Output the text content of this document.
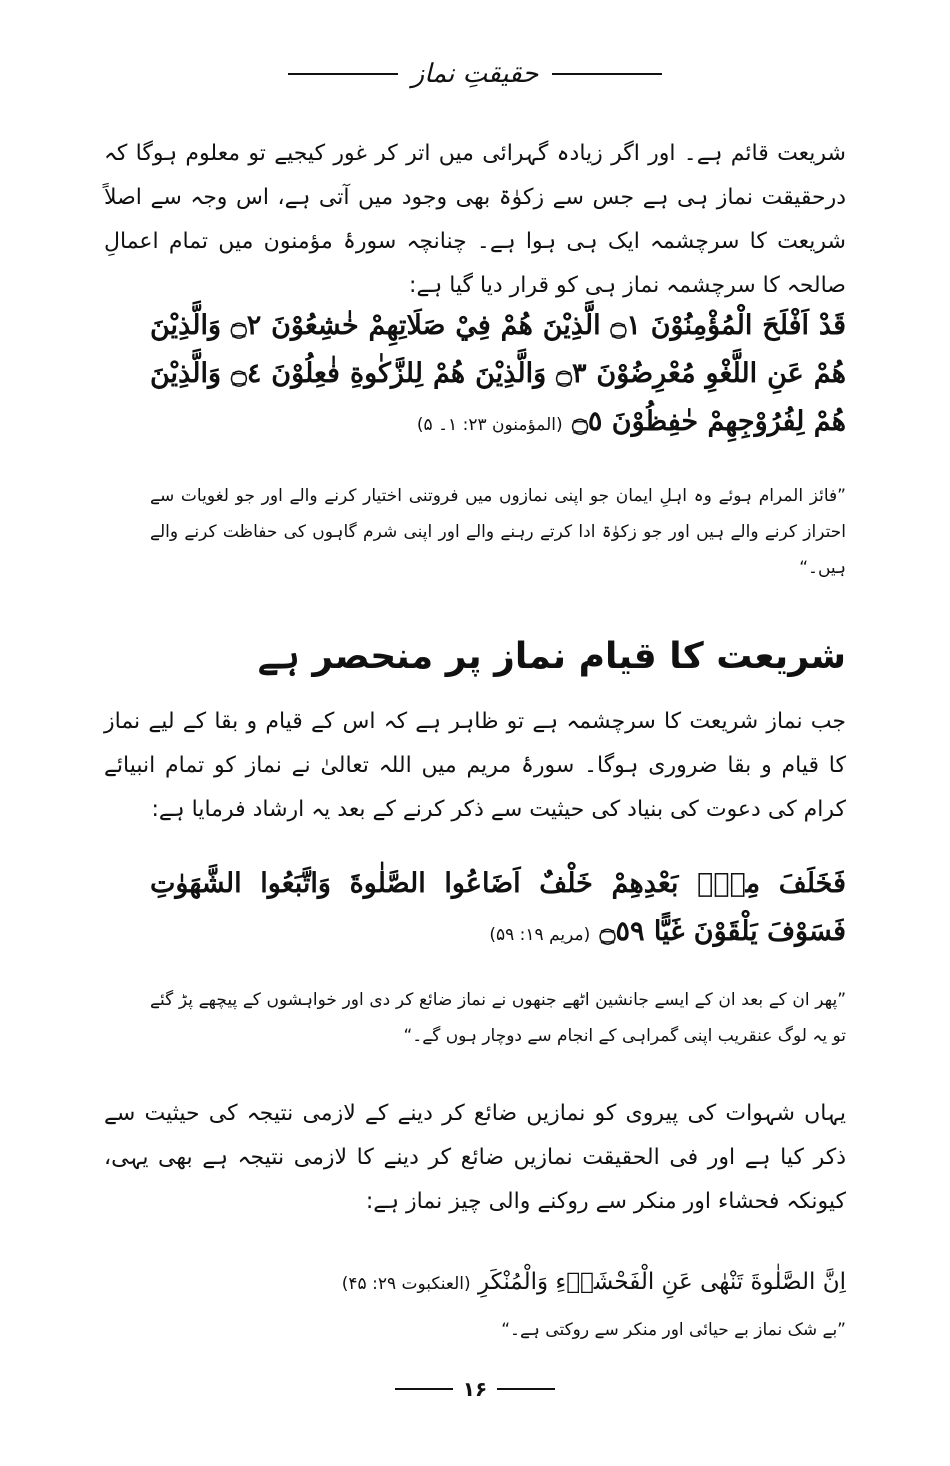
حقیقتِ نماز
شریعت قائم ہے۔ اور اگر زیادہ گہرائی میں اتر کر غور کیجیے تو معلوم ہوگا کہ درحقیقت نماز ہی ہے جس سے زکوٰۃ بھی وجود میں آتی ہے، اس وجہ سے اصلاً شریعت کا سرچشمہ ایک ہی ہوا ہے۔ چنانچہ سورۂ مؤمنون میں تمام اعمالِ صالحہ کا سرچشمہ نماز ہی کو قرار دیا گیا ہے:
قَدْ اَفْلَحَ الْمُؤْمِنُوْنَ ۝١ الَّذِيْنَ هُمْ فِيْ صَلَاتِهِمْ خٰشِعُوْنَ ۝٢ وَالَّذِيْنَ هُمْ عَنِ اللَّغْوِ مُعْرِضُوْنَ ۝٣ وَالَّذِيْنَ هُمْ لِلزَّكٰوةِ فٰعِلُوْنَ ۝٤ وَالَّذِيْنَ هُمْ لِفُرُوْجِهِمْ حٰفِظُوْنَ ۝٥ (المؤمنون ۲۳: ۱۔ ۵)
”فائز المرام ہوئے وہ اہلِ ایمان جو اپنی نمازوں میں فروتنی اختیار کرنے والے اور جو لغویات سے احتراز کرنے والے ہیں اور جو زکوٰۃ ادا کرتے رہنے والے اور اپنی شرم گاہوں کی حفاظت کرنے والے ہیں۔“
شریعت کا قیام نماز پر منحصر ہے
جب نماز شریعت کا سرچشمہ ہے تو ظاہر ہے کہ اس کے قیام و بقا کے لیے نماز کا قیام و بقا ضروری ہوگا۔ سورۂ مریم میں اللہ تعالیٰ نے نماز کو تمام انبیائے کرام کی دعوت کی بنیاد کی حیثیت سے ذکر کرنے کے بعد یہ ارشاد فرمایا ہے:
فَخَلَفَ مِنْۢ بَعْدِهِمْ خَلْفٌ اَضَاعُوا الصَّلٰوةَ وَاتَّبَعُوا الشَّهَوٰتِ فَسَوْفَ يَلْقَوْنَ غَيًّا ۝٥٩ (مریم ۱۹: ۵۹)
”پھر ان کے بعد ان کے ایسے جانشین اٹھے جنھوں نے نماز ضائع کر دی اور خواہشوں کے پیچھے پڑ گئے تو یہ لوگ عنقریب اپنی گمراہی کے انجام سے دوچار ہوں گے۔“
یہاں شہوات کی پیروی کو نمازیں ضائع کر دینے کے لازمی نتیجہ کی حیثیت سے ذکر کیا ہے اور فی الحقیقت نمازیں ضائع کر دینے کا لازمی نتیجہ ہے بھی یہی، کیونکہ فحشاء اور منکر سے روکنے والی چیز نماز ہے:
اِنَّ الصَّلٰوةَ تَنْهٰى عَنِ الْفَحْشَاۗءِ وَالْمُنْكَرِ (العنکبوت ۲۹: ۴۵)
”بے شک نماز بے حیائی اور منکر سے روکتی ہے۔“
۱۶
